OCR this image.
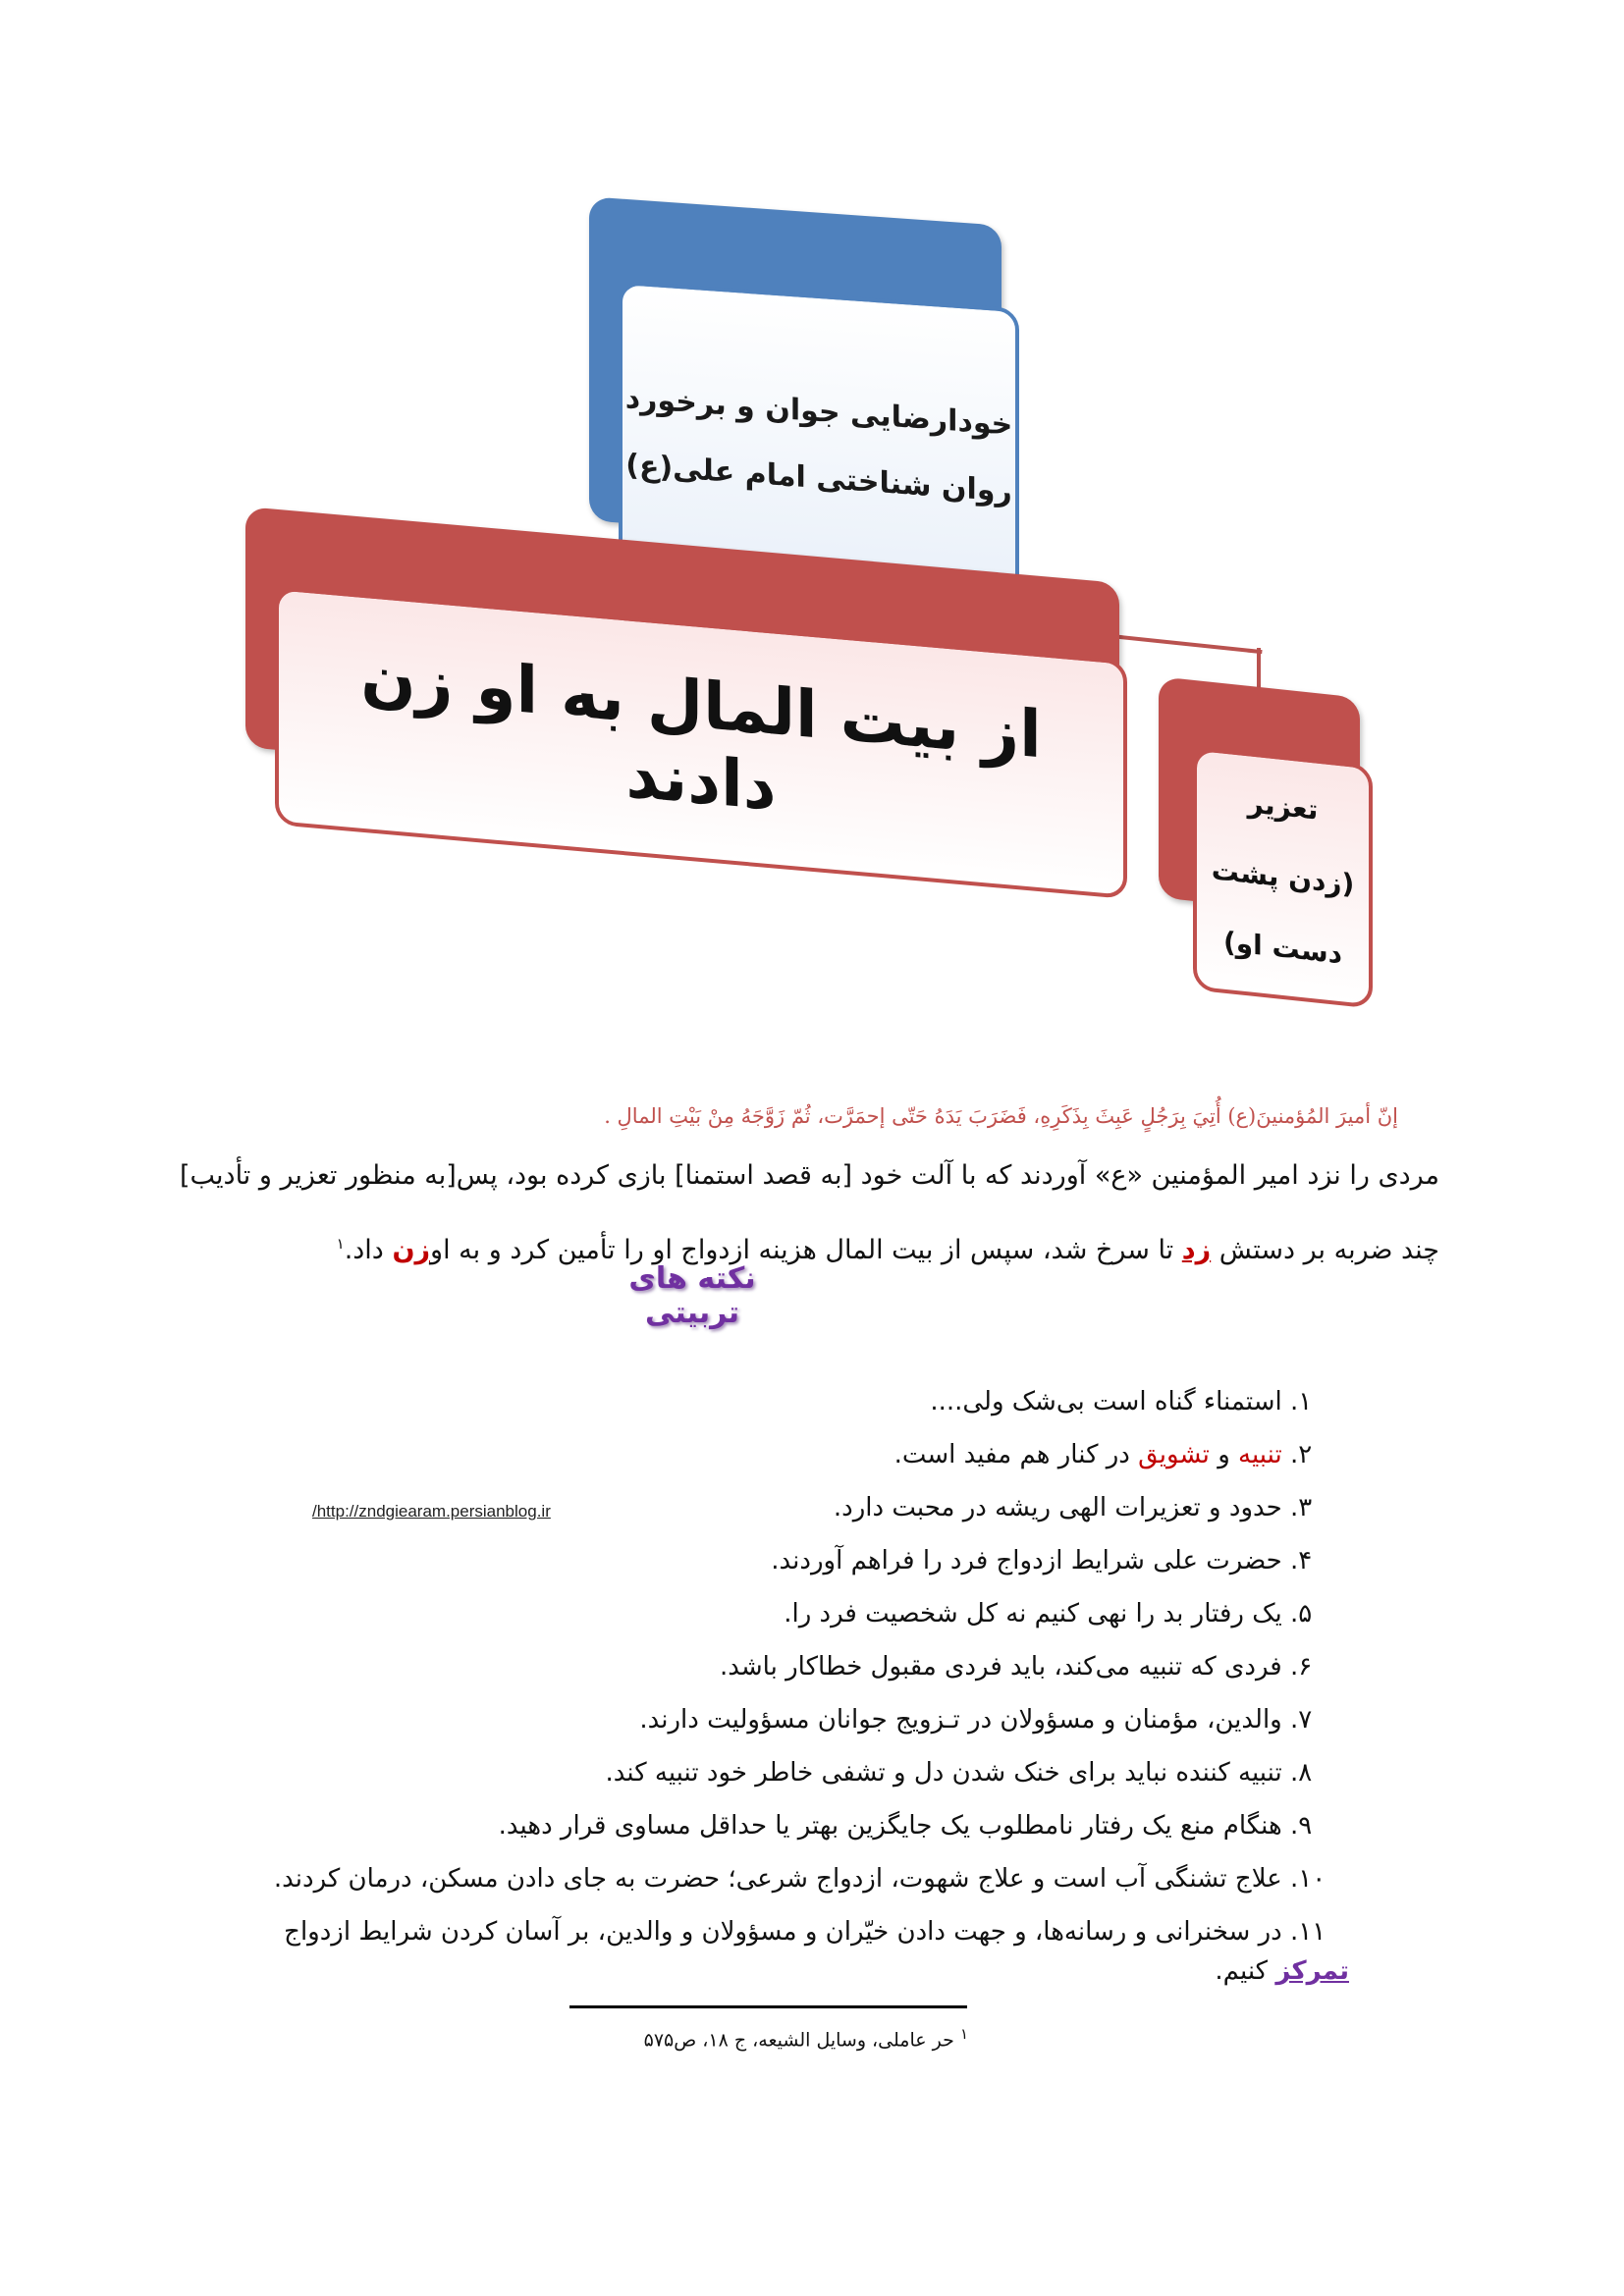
خودارضایی جوان و برخورد
روان شناختی امام علی(ع)
از بیت المال به او زن دادند	تعزیر
(زدن پشت
دست او)
إنّ أميرَ المُؤمنينَ(ع) أُتِيَ بِرَجُلٍ عَبِثَ بِذَكَرِهِ، فَضَرَبَ يَدَهُ حَتّى إحمَرَّت، ثُمّ زَوَّجَهُ مِنْ بَيْتِ المالِ .
مردی را نزد امیر المؤمنین «ع» آوردند که با آلت خود [به قصد استمنا] بازی کرده بود، پس[به منظور تعزیر و تأدیب]
چند ضربه بر دستش زد تا سرخ شد، سپس از بیت المال هزینه ازدواج او را تأمین کرد و به اوزن داد.$^١$
نکته های تربیتی
١. استمناء گناه است بی‌شک ولی....
٢. تنبیه و تشویق در کنار هم مفید است.
٣. حدود و تعزیرات الهی ریشه در محبت دارد.
۴. حضرت علی شرایط ازدواج فرد را فراهم آوردند.
۵. یک رفتار بد را نهی کنیم نه کل شخصیت فرد را.
۶. فردی که تنبیه می‌کند، باید فردی مقبول خطاکار باشد.
٧. والدین، مؤمنان و مسؤولان در تـزویج جوانان مسؤولیت دارند.
٨. تنبیه کننده نباید برای خنک شدن دل و تشفی خاطر خود تنبیه کند.
٩. هنگام منع یک رفتار نامطلوب یک جایگزین بهتر یا حداقل مساوی قرار دهید.
١٠. علاج تشنگی آب است و علاج شهوت، ازدواج شرعی؛ حضرت به جای دادن مسکن، درمان کردند.
١١. در سخنرانی و رسانه‌ها، و جهت دادن خیّران و مسؤولان و والدین، بر آسان کردن شرایط ازدواج تمرکز کنیم.
/http://zndgiearam.persianblog.ir
$^١$ حر عاملی، وسایل الشیعه، ج ١٨، ص۵٧۵
